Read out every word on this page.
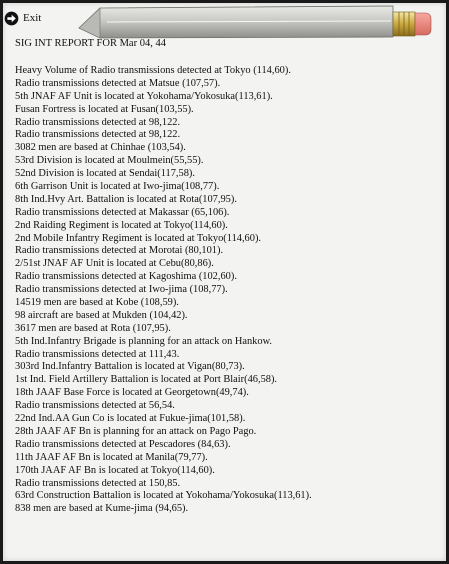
Exit
SIG INT REPORT FOR Mar 04, 44
Heavy Volume of Radio transmissions detected at Tokyo (114,60).
Radio transmissions detected at Matsue (107,57).
5th JNAF AF Unit is located at Yokohama/Yokosuka(113,61).
Fusan Fortress is located at Fusan(103,55).
Radio transmissions detected at 98,122.
Radio transmissions detected at 98,122.
3082 men are based at Chinhae (103,54).
53rd Division is located at Moulmein(55,55).
52nd Division is located at Sendai(117,58).
6th Garrison Unit is located at Iwo-jima(108,77).
8th Ind.Hvy Art. Battalion is located at Rota(107,95).
Radio transmissions detected at Makassar (65,106).
2nd Raiding Regiment is located at Tokyo(114,60).
2nd Mobile Infantry Regiment is located at Tokyo(114,60).
Radio transmissions detected at Morotai (80,101).
2/51st JNAF AF Unit is located at Cebu(80,86).
Radio transmissions detected at Kagoshima (102,60).
Radio transmissions detected at Iwo-jima (108,77).
14519 men are based at Kobe (108,59).
98 aircraft are based at Mukden (104,42).
3617 men are based at Rota (107,95).
5th Ind.Infantry Brigade is planning for an attack on Hankow.
Radio transmissions detected at 111,43.
303rd Ind.Infantry Battalion is located at Vigan(80,73).
1st Ind. Field Artillery Battalion is located at Port Blair(46,58).
18th JAAF Base Force is located at Georgetown(49,74).
Radio transmissions detected at 56,54.
22nd Ind.AA Gun Co is located at Fukue-jima(101,58).
28th JAAF AF Bn is planning for an attack on Pago Pago.
Radio transmissions detected at Pescadores (84,63).
11th JAAF AF Bn is located at Manila(79,77).
170th JAAF AF Bn is located at Tokyo(114,60).
Radio transmissions detected at 150,85.
63rd Construction Battalion is located at Yokohama/Yokosuka(113,61).
838 men are based at Kume-jima (94,65).
